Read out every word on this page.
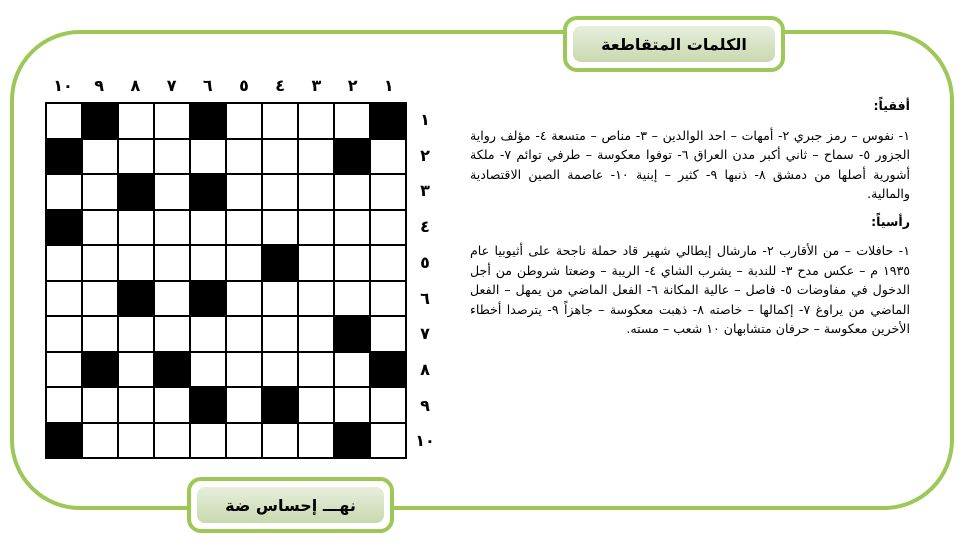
الكلمات المتقاطعة
١
٢
٣
٤
٥
٦
٧
٨
٩
١٠
١
٢
٣
٤
٥
٦
٧
٨
٩
١٠
أفقياً:

١- نفوس – رمز جبري ٢- أمهات – احد الوالدين – ٣- مناص – متسعة ٤- مؤلف رواية الجزور ٥- سماح – ثاني أكبر مدن العراق ٦- توفوا معكوسة – طرفي توائم ٧- ملكة أشورية أصلها من دمشق ٨- ذنبها ٩- كثير – إبنية ١٠- عاصمة الصين الاقتصادية والمالية.

رأسياً:

١- حافلات – من الأقارب ٢- مارشال إيطالي شهير قاد حملة ناجحة على أثيوبيا عام ١٩٣٥ م – عكس مدح ٣- للندبة – يشرب الشاي ٤- الريبة – وضعتا شروطن من أجل الدخول في مفاوضات ٥- فاصل – عالية المكانة ٦- الفعل الماضي من يمهل – الفعل الماضي من يراوغ ٧- إكمالها – خاصته ٨- ذهبت معكوسة – جاهزاً ٩- يترصدا أخطاء الأخرين معكوسة – حرفان متشابهان ١٠ شعب – مسته.

نهـــ إحساس ضة
